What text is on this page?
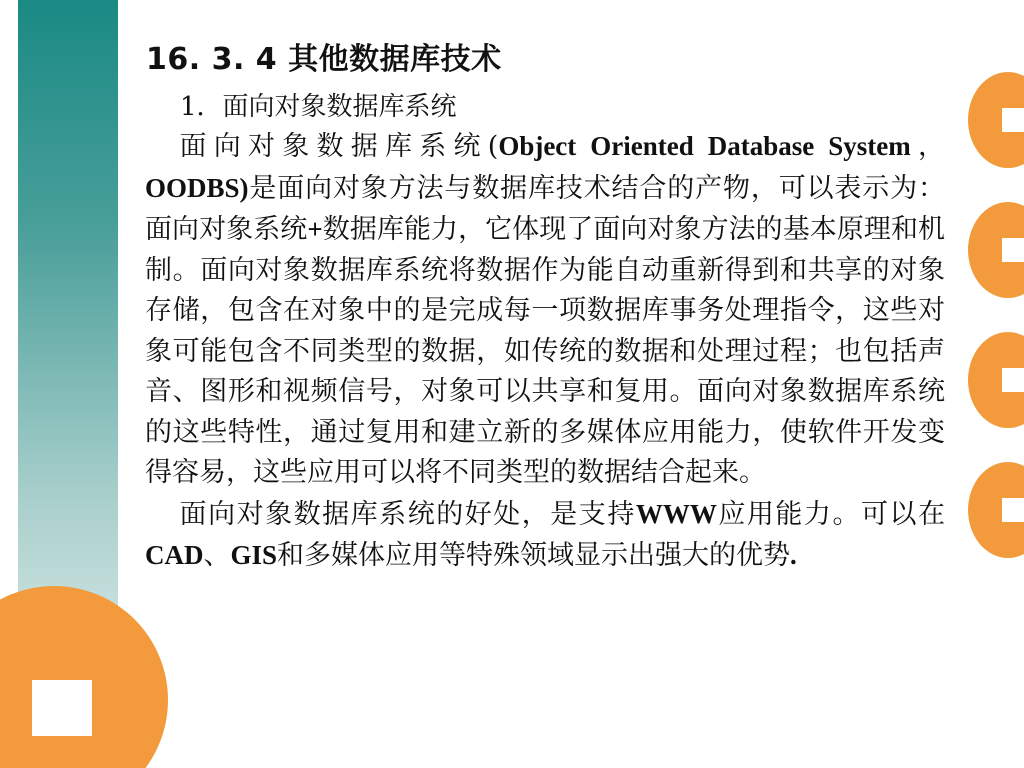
16. 3. 4 其他数据库技术
1．面向对象数据库系统

面向对象数据库系统(Object Oriented Database System，OODBS)是面向对象方法与数据库技术结合的产物，可以表示为：面向对象系统+数据库能力，它体现了面向对象方法的基本原理和机制。面向对象数据库系统将数据作为能自动重新得到和共享的对象存储，包含在对象中的是完成每一项数据库事务处理指令，这些对象可能包含不同类型的数据，如传统的数据和处理过程；也包括声音、图形和视频信号，对象可以共享和复用。面向对象数据库系统的这些特性，通过复用和建立新的多媒体应用能力，使软件开发变得容易，这些应用可以将不同类型的数据结合起来。

面向对象数据库系统的好处，是支持WWW应用能力。可以在CAD、GIS和多媒体应用等特殊领域显示出强大的优势.
